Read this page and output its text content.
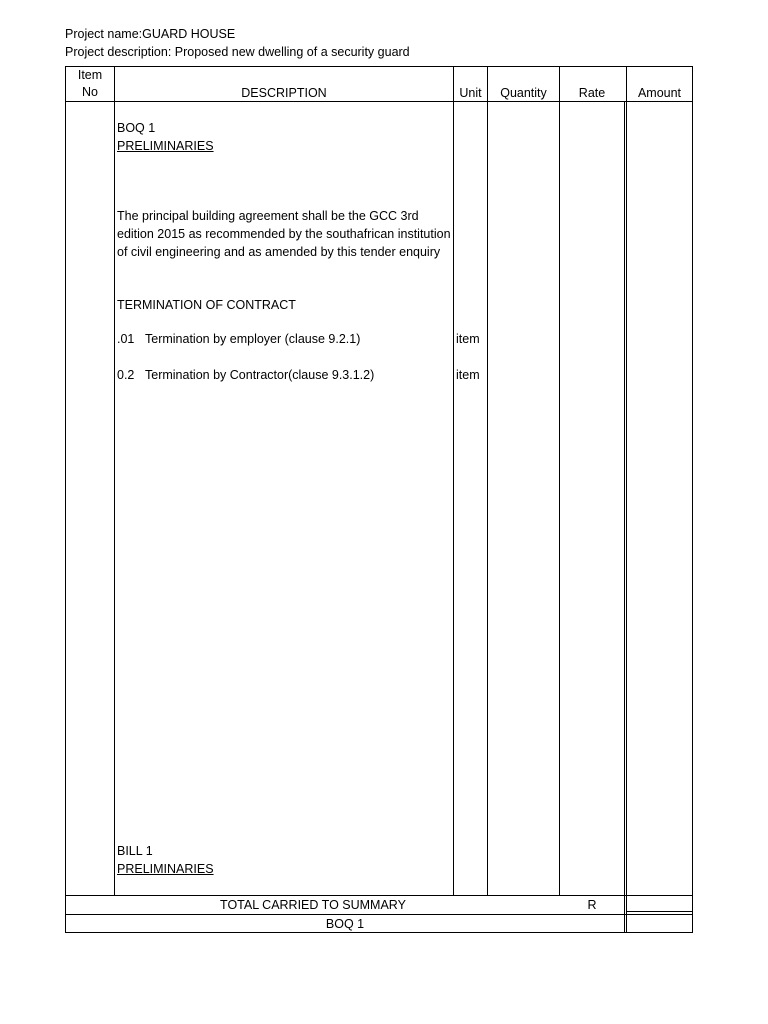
Project name:GUARD HOUSE
Project description: Proposed new dwelling of a security guard
Item
No	DESCRIPTION	Unit	Quantity	Rate	Amount
BOQ 1
PRELIMINARIES
The principal building agreement shall be the GCC 3rd edition 2015 as recommended by the southafrican institution of civil engineering and as amended by this tender enquiry
TERMINATION OF CONTRACT
.01 Termination by employer (clause 9.2.1)	item
0.2 Termination by Contractor(clause 9.3.1.2)	item
BILL 1
PRELIMINARIES
TOTAL CARRIED TO SUMMARY	R
BOQ 1
